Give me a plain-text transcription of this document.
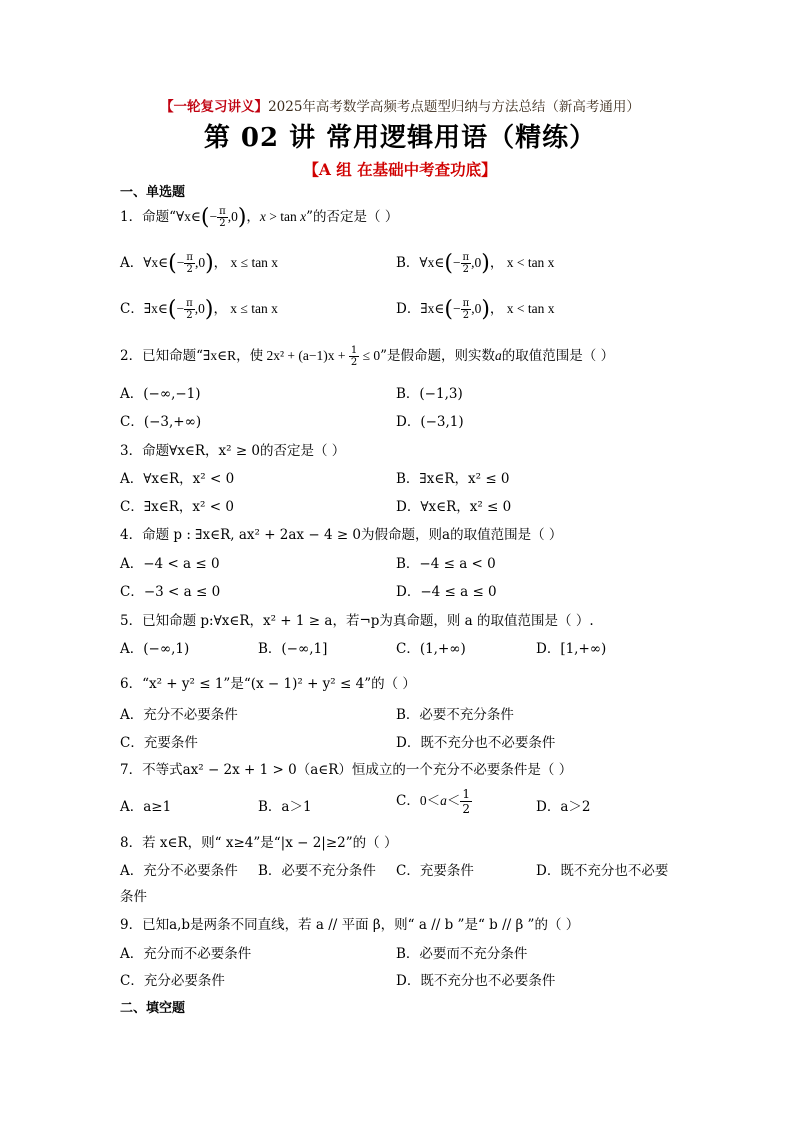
【一轮复习讲义】2025年高考数学高频考点题型归纳与方法总结（新高考通用）
第 02 讲 常用逻辑用语（精练）
【A 组 在基础中考查功底】
一、单选题
1．命题“∀x∈(− $\frac{\pi}{2} ,0$)，x > tan x”的否定是（ ）
A．∀x∈(− $\frac{\pi}{2} ,0$)， x ≤ tan x	B．∀x∈(− $\frac{\pi}{2} ,0$)， x < tan x
C．∃x∈(− $\frac{\pi}{2} ,0$)， x ≤ tan x	D．∃x∈(− $\frac{\pi}{2} ,0$)， x < tan x
2．已知命题“∃x∈R，使 $2x^2 + (a-1)x + \frac{1}{2} \le 0$”是假命题，则实数a的取值范围是（ ）
A．(−∞,−1)	B．(−1,3)
C．(−3,+∞)	D．(−3,1)
3．命题∀x∈R，x² ≥ 0的否定是（ ）
A．∀x∈R，x² < 0	B．∃x∈R，x² ≤ 0
C．∃x∈R，x² < 0	D．∀x∈R，x² ≤ 0
4．命题 p : ∃x∈R, ax² + 2ax − 4 ≥ 0为假命题，则a的取值范围是（ ）
A．−4 < a ≤ 0	B．−4 ≤ a < 0
C．−3 < a ≤ 0	D．−4 ≤ a ≤ 0
5．已知命题 p:∀x∈R，x² + 1 ≥ a，若¬p为真命题，则 a 的取值范围是（ ）.
A．(−∞,1)	B．(−∞,1]	C．(1,+∞)	D．[1,+∞)
6．“x² + y² ≤ 1”是“(x − 1)² + y² ≤ 4”的（ ）
A．充分不必要条件	B．必要不充分条件
C．充要条件	D．既不充分也不必要条件
7．不等式ax² − 2x + 1 > 0（a∈R）恒成立的一个充分不必要条件是（ ）
A．a≥1	B．a＞1	C．$0<a< \frac{1}{2}$	D．a＞2
8．若 x∈R，则“ x≥4”是“|x − 2|≥2”的（ ）
A．充分不必要条件 B．必要不充分条件 C．充要条件	D．既不充分也不必要
条件
9．已知a,b是两条不同直线，若 a // 平面 β，则“ a // b ”是“ b // β ”的（ ）
A．充分而不必要条件	B．必要而不充分条件
C．充分必要条件	D．既不充分也不必要条件
二、填空题
